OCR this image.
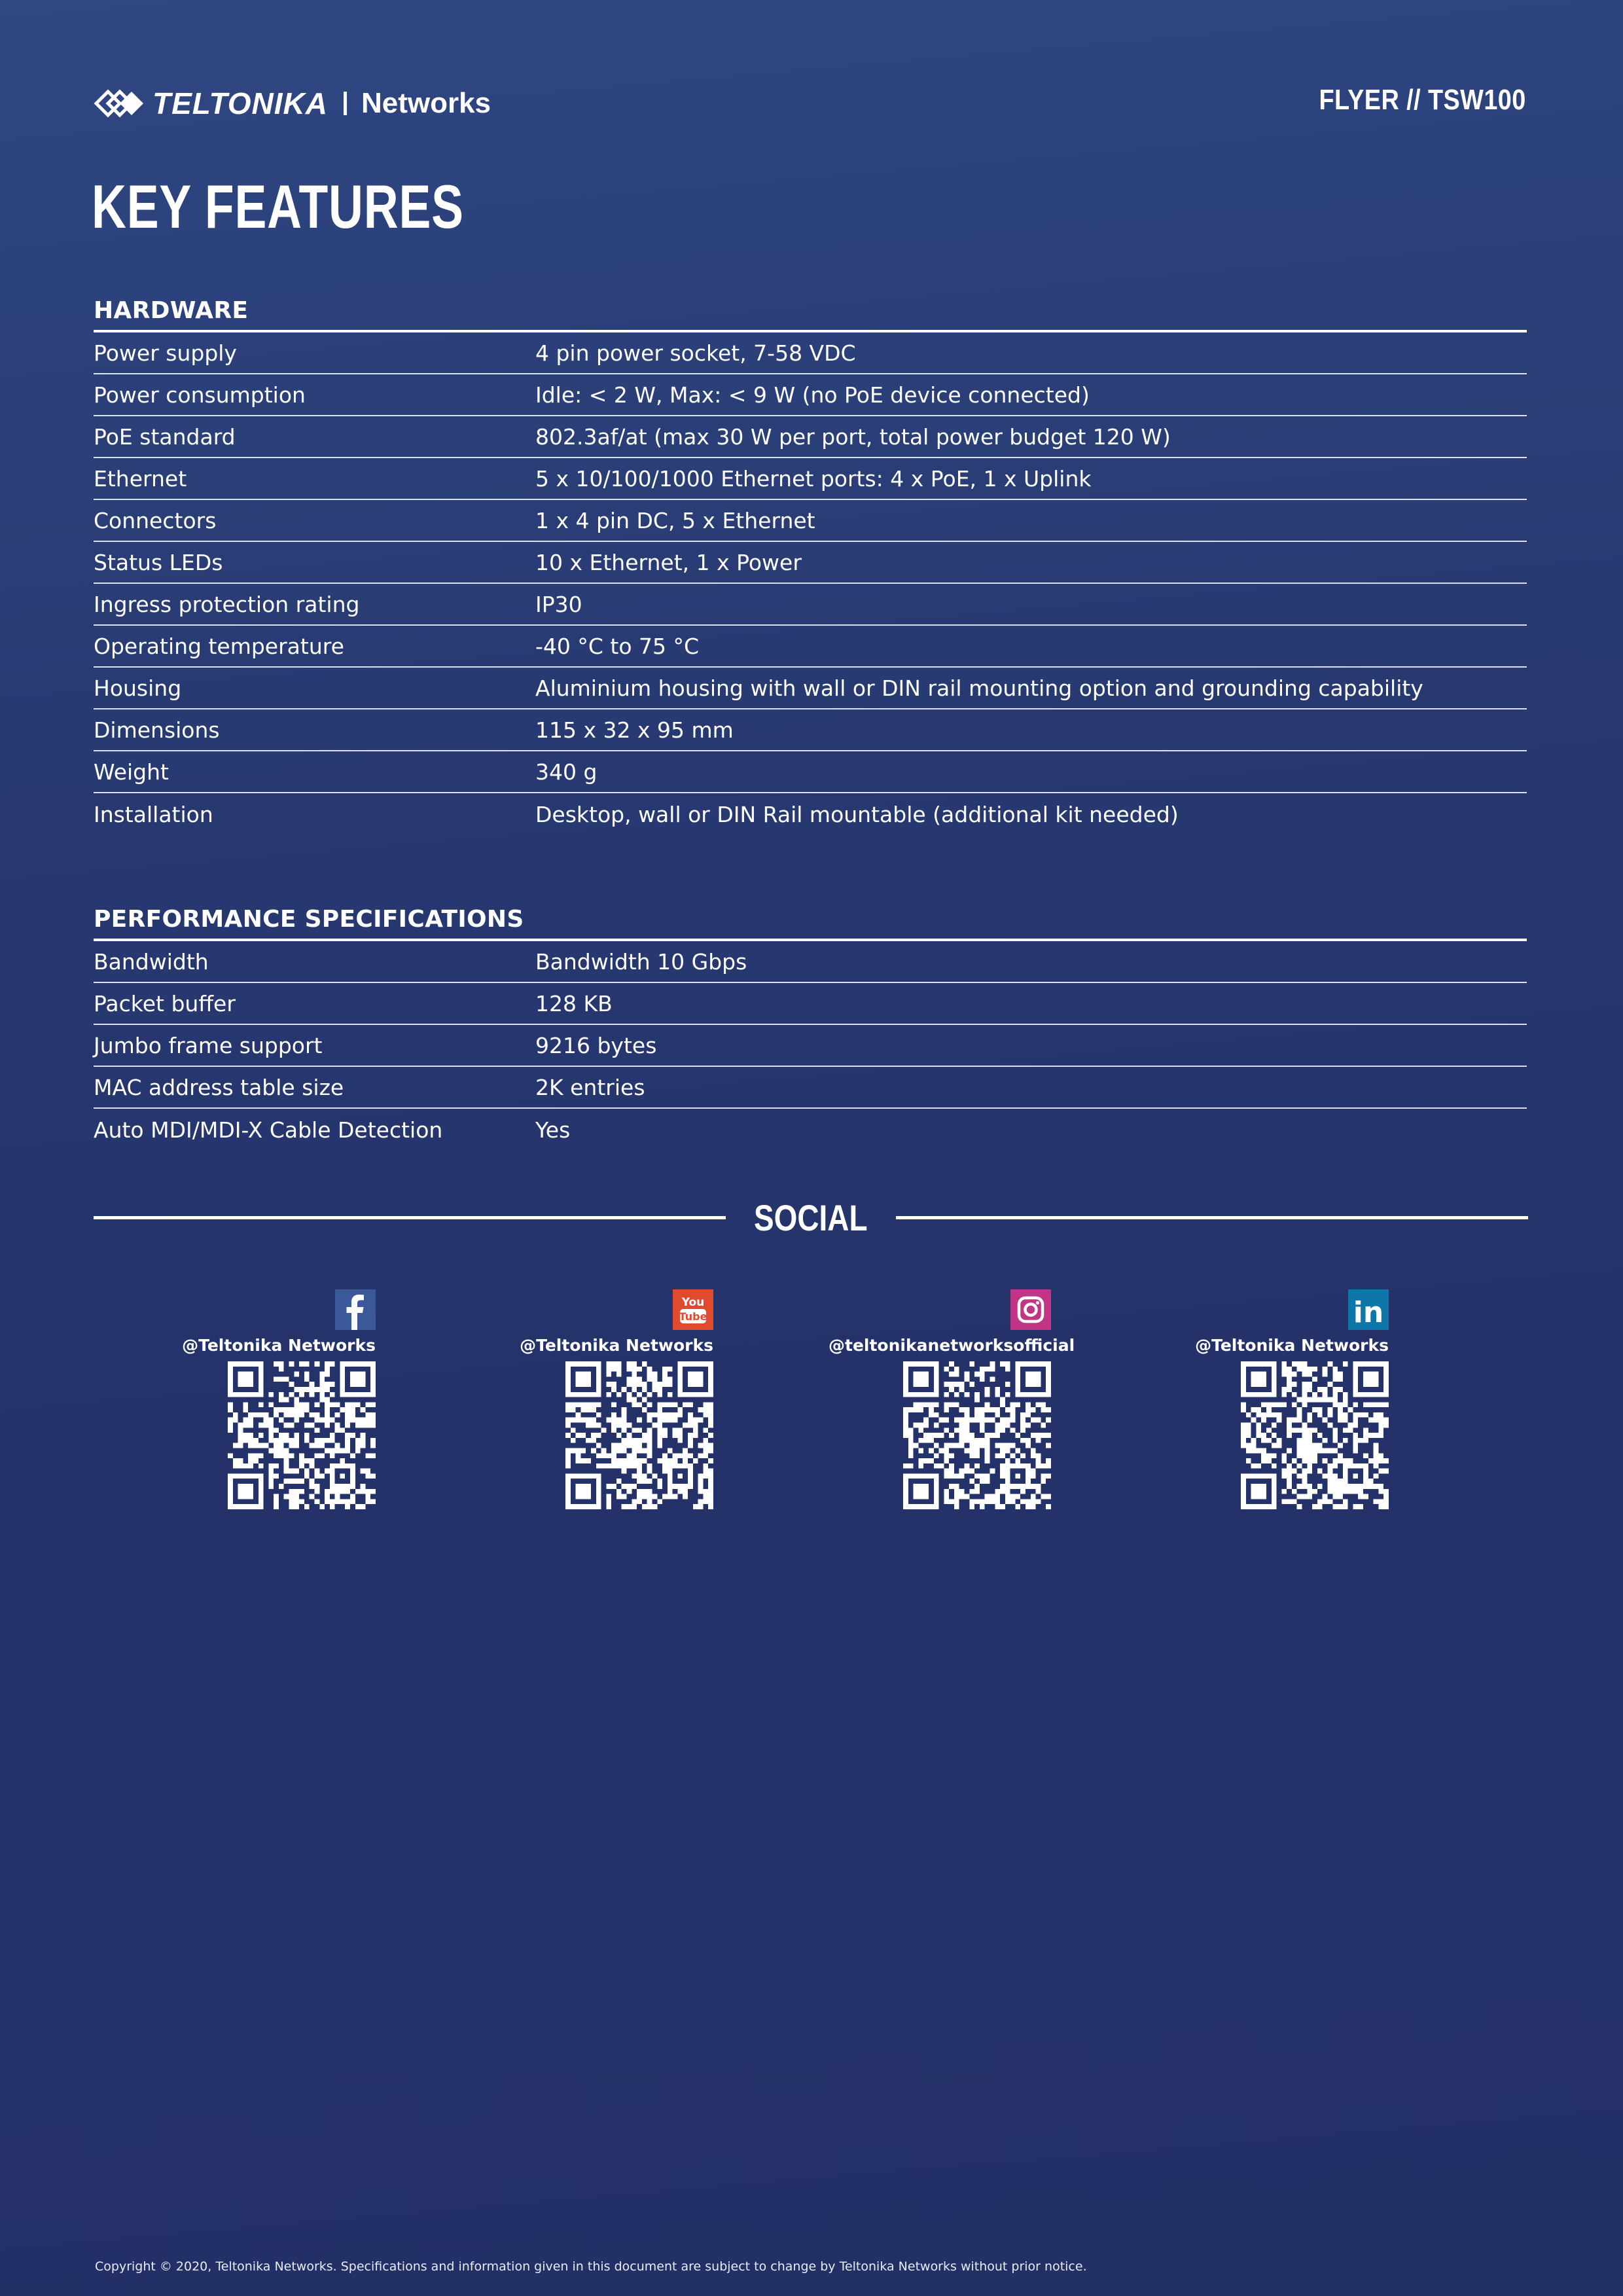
TELTONIKA Networks	FLYER // TSW100
KEY FEATURES
HARDWARE
Power supply	4 pin power socket, 7-58 VDC
Power consumption	Idle: < 2 W, Max: < 9 W (no PoE device connected)
PoE standard	802.3af/at (max 30 W per port, total power budget 120 W)
Ethernet	5 x 10/100/1000 Ethernet ports: 4 x PoE, 1 x Uplink
Connectors	1 x 4 pin DC, 5 x Ethernet
Status LEDs	10 x Ethernet, 1 x Power
Ingress protection rating	IP30
Operating temperature	-40 °C to 75 °C
Housing	Aluminium housing with wall or DIN rail mounting option and grounding capability
Dimensions	115 x 32 x 95 mm
Weight	340 g
Installation	Desktop, wall or DIN Rail mountable (additional kit needed)
PERFORMANCE SPECIFICATIONS
Bandwidth	Bandwidth 10 Gbps
Packet buffer	128 KB
Jumbo frame support	9216 bytes
MAC address table size	2K entries
Auto MDI/MDI-X Cable Detection	Yes
SOCIAL
@Teltonika Networks
You
Tube
@Teltonika Networks	@teltonikanetworksofficial
in
@Teltonika Networks
Copyright © 2020, Teltonika Networks. Specifications and information given in this document are subject to change by Teltonika Networks without prior notice.
